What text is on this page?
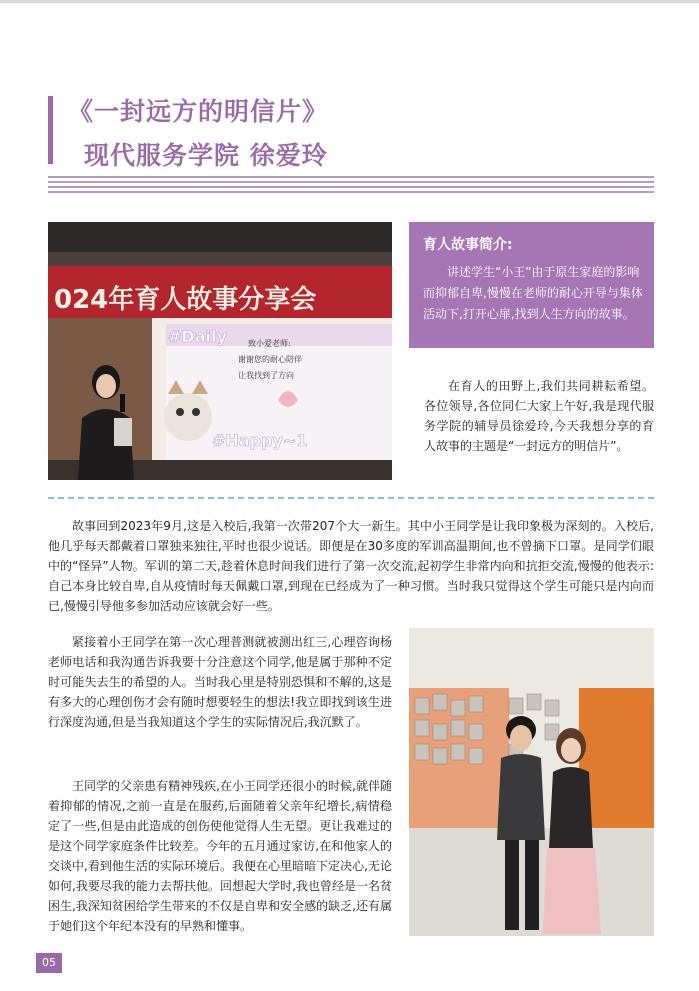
《一封远方的明信片》
现代服务学院 徐爱玲
024年育人故事分享会
#Daily	致小爱老师:
谢谢您的耐心陪伴
让我找到了方向
#Happy~1
育人故事简介:
讲述学生“小王”由于原生家庭的影响而抑郁自卑,慢慢在老师的耐心开导与集体活动下,打开心扉,找到人生方向的故事。
在育人的田野上,我们共同耕耘希望。各位领导,各位同仁大家上午好,我是现代服务学院的辅导员徐爱玲,今天我想分享的育人故事的主题是“一封远方的明信片”。
故事回到2023年9月,这是入校后,我第一次带207个大一新生。其中小王同学是让我印象极为深刻的。入校后,他几乎每天都戴着口罩独来独往,平时也很少说话。即便是在30多度的军训高温期间,也不曾摘下口罩。是同学们眼中的“怪异”人物。军训的第二天,趁着休息时间我们进行了第一次交流,起初学生非常内向和抗拒交流,慢慢的他表示:自己本身比较自卑,自从疫情时每天佩戴口罩,到现在已经成为了一种习惯。当时我只觉得这个学生可能只是内向而已,慢慢引导他多参加活动应该就会好一些。
紧接着小王同学在第一次心理普测就被测出红三,心理咨询杨老师电话和我沟通告诉我要十分注意这个同学,他是属于那种不定时可能失去生的希望的人。当时我心里是特别恐惧和不解的,这是有多大的心理创伤才会有随时想要轻生的想法!我立即找到该生进行深度沟通,但是当我知道这个学生的实际情况后,我沉默了。
王同学的父亲患有精神残疾,在小王同学还很小的时候,就伴随着抑郁的情况,之前一直是在服药,后面随着父亲年纪增长,病情稳定了一些,但是由此造成的创伤使他觉得人生无望。更让我难过的是这个同学家庭条件比较差。今年的五月通过家访,在和他家人的交谈中,看到他生活的实际环境后。我便在心里暗暗下定决心,无论如何,我要尽我的能力去帮扶他。回想起大学时,我也曾经是一名贫困生,我深知贫困给学生带来的不仅是自卑和安全感的缺乏,还有属于她们这个年纪本没有的早熟和懂事。
05
